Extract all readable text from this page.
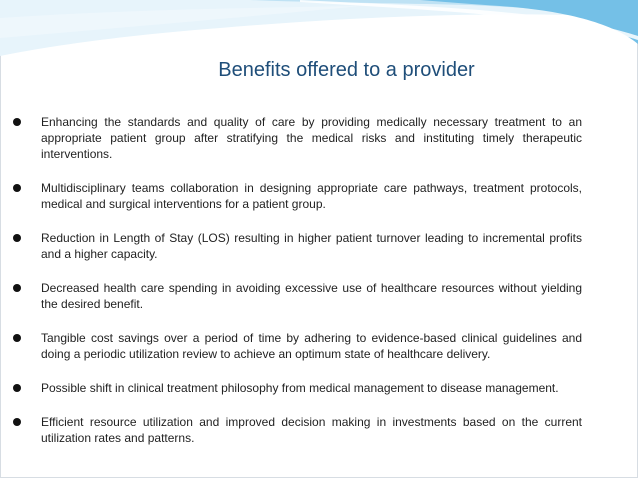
Benefits offered to a provider
Enhancing the standards and quality of care by providing medically necessary treatment to an appropriate patient group after stratifying the medical risks and instituting timely therapeutic interventions.
Multidisciplinary teams collaboration in designing appropriate care pathways, treatment protocols, medical and surgical interventions for a patient group.
Reduction in Length of Stay (LOS) resulting in higher patient turnover leading to incremental profits and a higher capacity.
Decreased health care spending in avoiding excessive use of healthcare resources without yielding the desired benefit.
Tangible cost savings over a period of time by adhering to evidence-based clinical guidelines and doing a periodic utilization review to achieve an optimum state of healthcare delivery.
Possible shift in clinical treatment philosophy from medical management to disease management.
Efficient resource utilization and improved decision making in investments based on the current utilization rates and patterns.
